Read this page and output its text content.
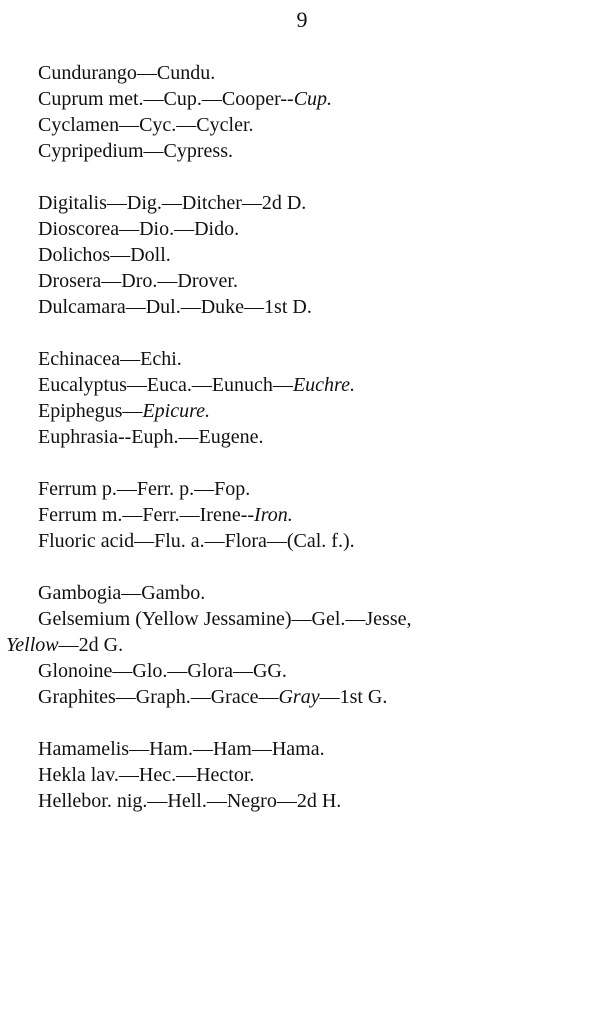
9
Cundurango—Cundu.
Cuprum met.—Cup.—Cooper--Cup.
Cyclamen—Cyc.—Cycler.
Cypripedium—Cypress.
Digitalis—Dig.—Ditcher—2d D.
Dioscorea—Dio.—Dido.
Dolichos—Doll.
Drosera—Dro.—Drover.
Dulcamara—Dul.—Duke—1st D.
Echinacea—Echi.
Eucalyptus—Euca.—Eunuch—Euchre.
Epiphegus—Epicure.
Euphrasia--Euph.—Eugene.
Ferrum p.—Ferr. p.—Fop.
Ferrum m.—Ferr.—Irene--Iron.
Fluoric acid—Flu. a.—Flora—(Cal. f.).
Gambogia—Gambo.
Gelsemium (Yellow Jessamine)—Gel.—Jesse,
Yellow—2d G.
Glonoine—Glo.—Glora—GG.
Graphites—Graph.—Grace—Gray—1st G.
Hamamelis—Ham.—Ham—Hama.
Hekla lav.—Hec.—Hector.
Hellebor. nig.—Hell.—Negro—2d H.
